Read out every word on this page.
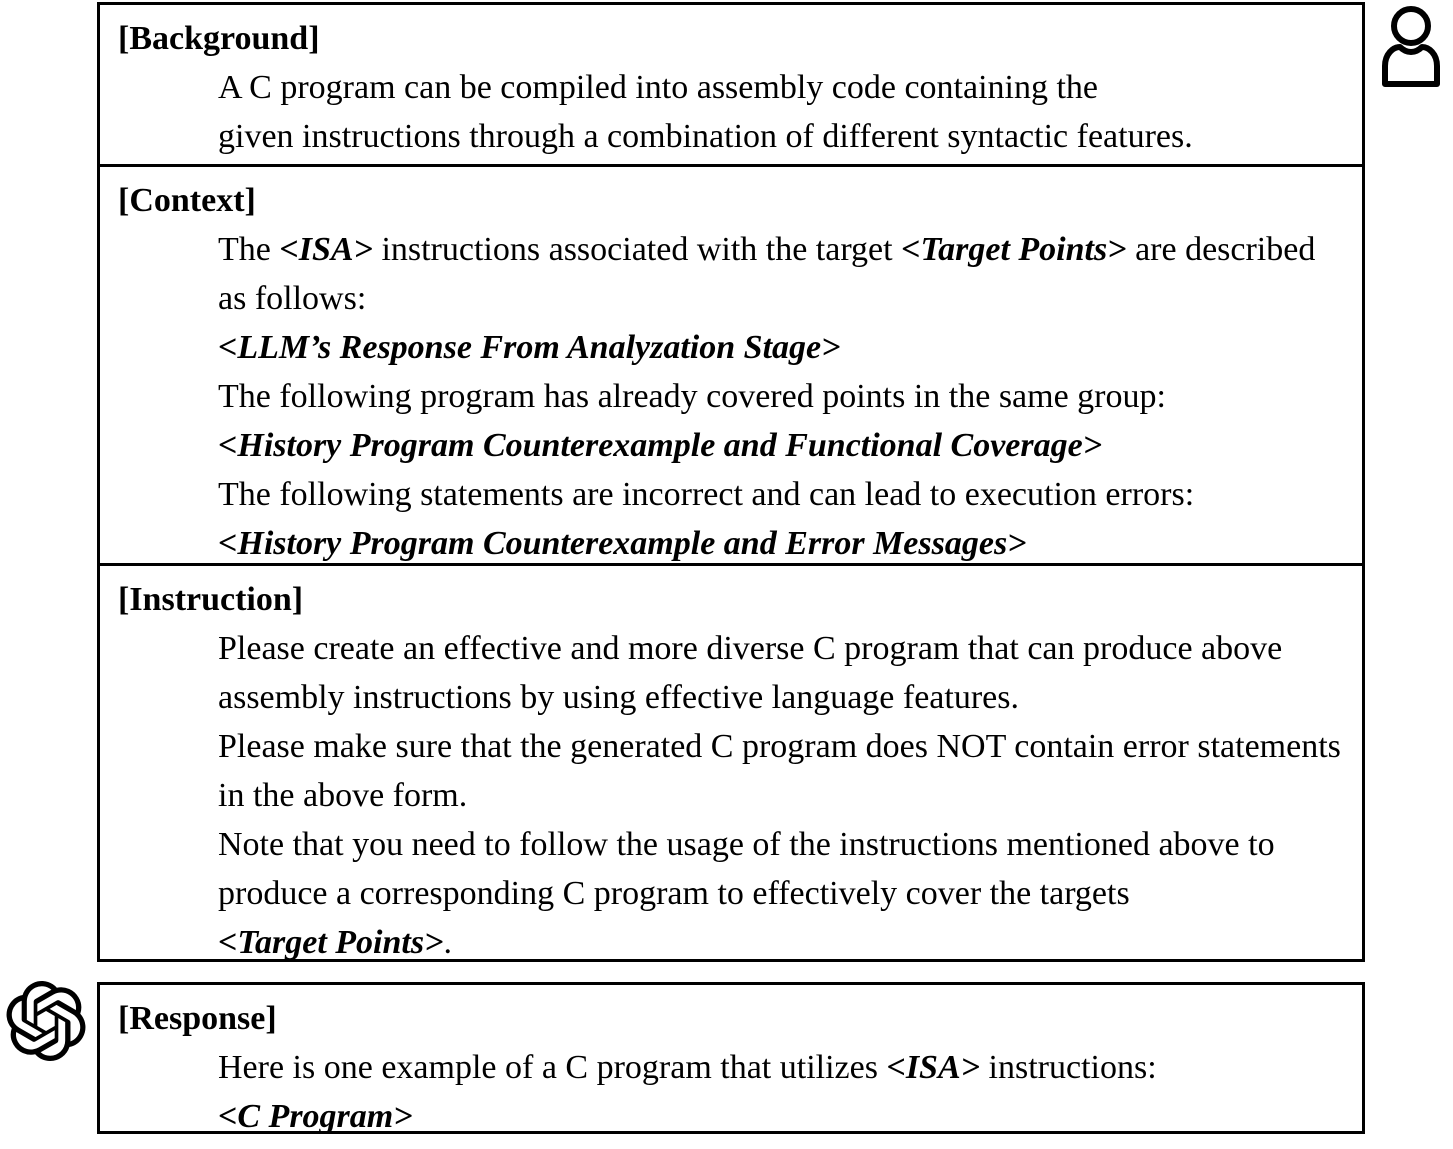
[Background]
A C program can be compiled into assembly code containing the
given instructions through a combination of different syntactic features.
[Context]
The <ISA> instructions associated with the target <Target Points> are described as follows:
<LLM’s Response From Analyzation Stage>
The following program has already covered points in the same group:
<History Program Counterexample and Functional Coverage>
The following statements are incorrect and can lead to execution errors:
<History Program Counterexample and Error Messages>
[Instruction]
Please create an effective and more diverse C program that can produce above assembly instructions by using effective language features.
Please make sure that the generated C program does NOT contain error statements in the above form.
Note that you need to follow the usage of the instructions mentioned above to produce a corresponding C program to effectively cover the targets <Target Points>.
[Response]
Here is one example of a C program that utilizes <ISA> instructions:
<C Program>
